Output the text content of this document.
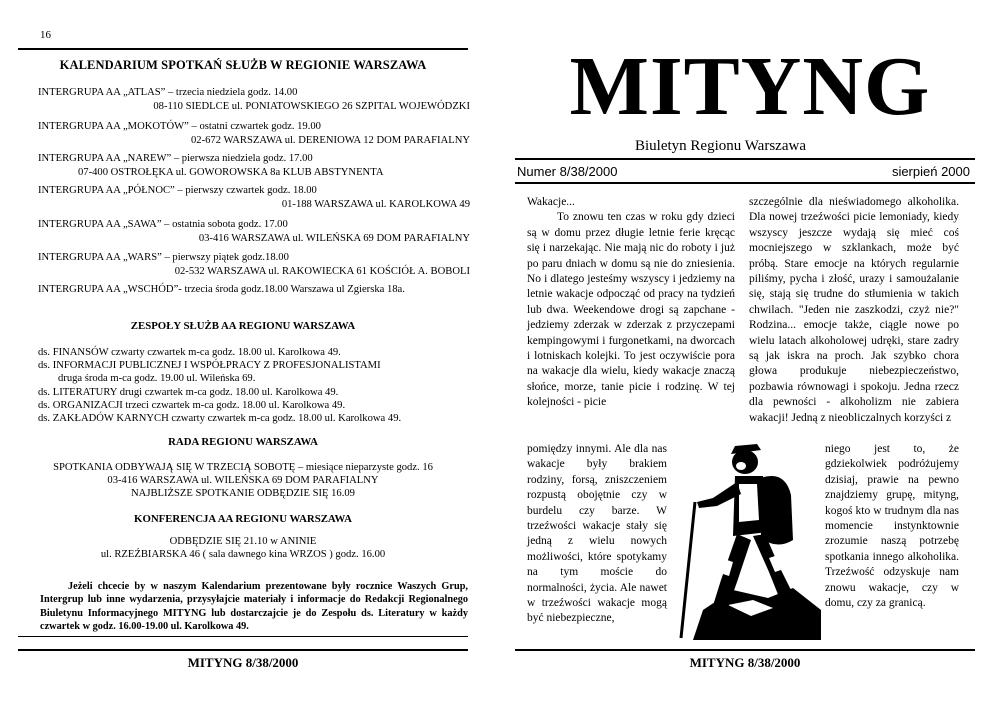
16
KALENDARIUM SPOTKAŃ SŁUŻB W REGIONIE WARSZAWA
INTERGRUPA AA „ATLAS” – trzecia niedziela godz. 14.00
08-110 SIEDLCE ul. PONIATOWSKIEGO 26 SZPITAL WOJEWÓDZKI
INTERGRUPA AA „MOKOTÓW” – ostatni czwartek godz. 19.00
02-672 WARSZAWA ul. DERENIOWA 12 DOM PARAFIALNY
INTERGRUPA AA „NAREW” – pierwsza niedziela godz. 17.00
07-400 OSTROŁĘKA ul. GOWOROWSKA 8a KLUB ABSTYNENTA
INTERGRUPA AA „PÓŁNOC” – pierwszy czwartek godz. 18.00
01-188 WARSZAWA ul. KAROLKOWA 49
INTERGRUPA AA „SAWA” – ostatnia sobota godz. 17.00
03-416 WARSZAWA ul. WILEŃSKA 69 DOM PARAFIALNY
INTERGRUPA AA „WARS” – pierwszy piątek godz.18.00
02-532 WARSZAWA ul. RAKOWIECKA 61 KOŚCIÓŁ A. BOBOLI
INTERGRUPA AA „WSCHÓD”- trzecia środa godz.18.00 Warszawa ul Zgierska 18a.
ZESPOŁY SŁUŻB AA REGIONU WARSZAWA
ds. FINANSÓW czwarty czwartek m-ca godz. 18.00 ul. Karolkowa 49.
ds. INFORMACJI PUBLICZNEJ I WSPÓŁPRACY Z PROFESJONALISTAMI
druga środa m-ca godz. 19.00 ul. Wileńska 69.
ds. LITERATURY drugi czwartek m-ca godz. 18.00 ul. Karolkowa 49.
ds. ORGANIZACJI trzeci czwartek m-ca godz. 18.00 ul. Karolkowa 49.
ds. ZAKŁADÓW KARNYCH czwarty czwartek m-ca godz. 18.00 ul. Karolkowa 49.
RADA REGIONU WARSZAWA
SPOTKANIA ODBYWAJĄ SIĘ W TRZECIĄ SOBOTĘ – miesiące nieparzyste godz. 16
03-416 WARSZAWA ul. WILEŃSKA 69 DOM PARAFIALNY
NAJBLIŻSZE SPOTKANIE ODBĘDZIE SIĘ 16.09
KONFERENCJA AA REGIONU WARSZAWA
ODBĘDZIE SIĘ 21.10 w ANINIE
ul. RZEŹBIARSKA 46 ( sala dawnego kina WRZOS ) godz. 16.00
Jeżeli chcecie by w naszym Kalendarium prezentowane były rocznice Waszych Grup, Intergrup lub inne wydarzenia, przysyłajcie materiały i informacje do Redakcji Regionalnego Biuletynu Informacyjnego MITYNG lub dostarczajcie je do Zespołu ds. Literatury w każdy czwartek w godz. 16.00-19.00 ul. Karolkowa 49.
MITYNG 8/38/2000
MITYNG
Biuletyn Regionu Warszawa
Numer 8/38/2000	sierpień 2000

Wakacje...

To znowu ten czas w roku gdy dzieci są w domu przez długie letnie ferie kręcąc się i narzekając. Nie mają nic do roboty i już po paru dniach w domu są nie do zniesienia. No i dlatego jesteśmy wszyscy i jedziemy na letnie wakacje odpocząć od pracy na tydzień lub dwa. Weekendowe drogi są zapchane - jedziemy zderzak w zderzak z przyczepami kempingowymi i furgonetkami, na dworcach i lotniskach kolejki. To jest oczywiście pora na wakacje dla wielu, kiedy wakacje znaczą słońce, morze, tanie picie i rodzinę. W tej kolejności - picie

pomiędzy innymi. Ale dla nas wakacje były brakiem rodziny, forsą, zniszczeniem rozpustą obojętnie czy w burdelu czy barze. W trzeźwości wakacje stały się jedną z wielu nowych możliwości, które spotykamy na tym moście do normalności, życia. Ale nawet w trzeźwości wakacje mogą być niebezpieczne,

szczególnie dla nieświadomego alkoholika. Dla nowej trzeźwości picie lemoniady, kiedy wszyscy jeszcze wydają się mieć coś mocniejszego w szklankach, może być próbą. Stare emocje na których regularnie piliśmy, pycha i złość, urazy i samoużalanie się, stają się trudne do stłumienia w takich chwilach. "Jeden nie zaszkodzi, czyż nie?" Rodzina... emocje także, ciągle nowe po wielu latach alkoholowej udręki, stare zadry są jak iskra na proch. Jak szybko chora głowa produkuje niebezpieczeństwo, pozbawia równowagi i spokoju. Jedna rzecz dla pewności - alkoholizm nie zabiera wakacji! Jedną z nieobliczalnych korzyści z

niego jest to, że gdziekolwiek podróżujemy dzisiaj, prawie na pewno znajdziemy grupę, mityng, kogoś kto w trudnym dla nas momencie instynktownie zrozumie naszą potrzebę spotkania innego alkoholika. Trzeźwość odzyskuje nam znowu wakacje, czy w domu, czy za granicą.

MITYNG 8/38/2000
